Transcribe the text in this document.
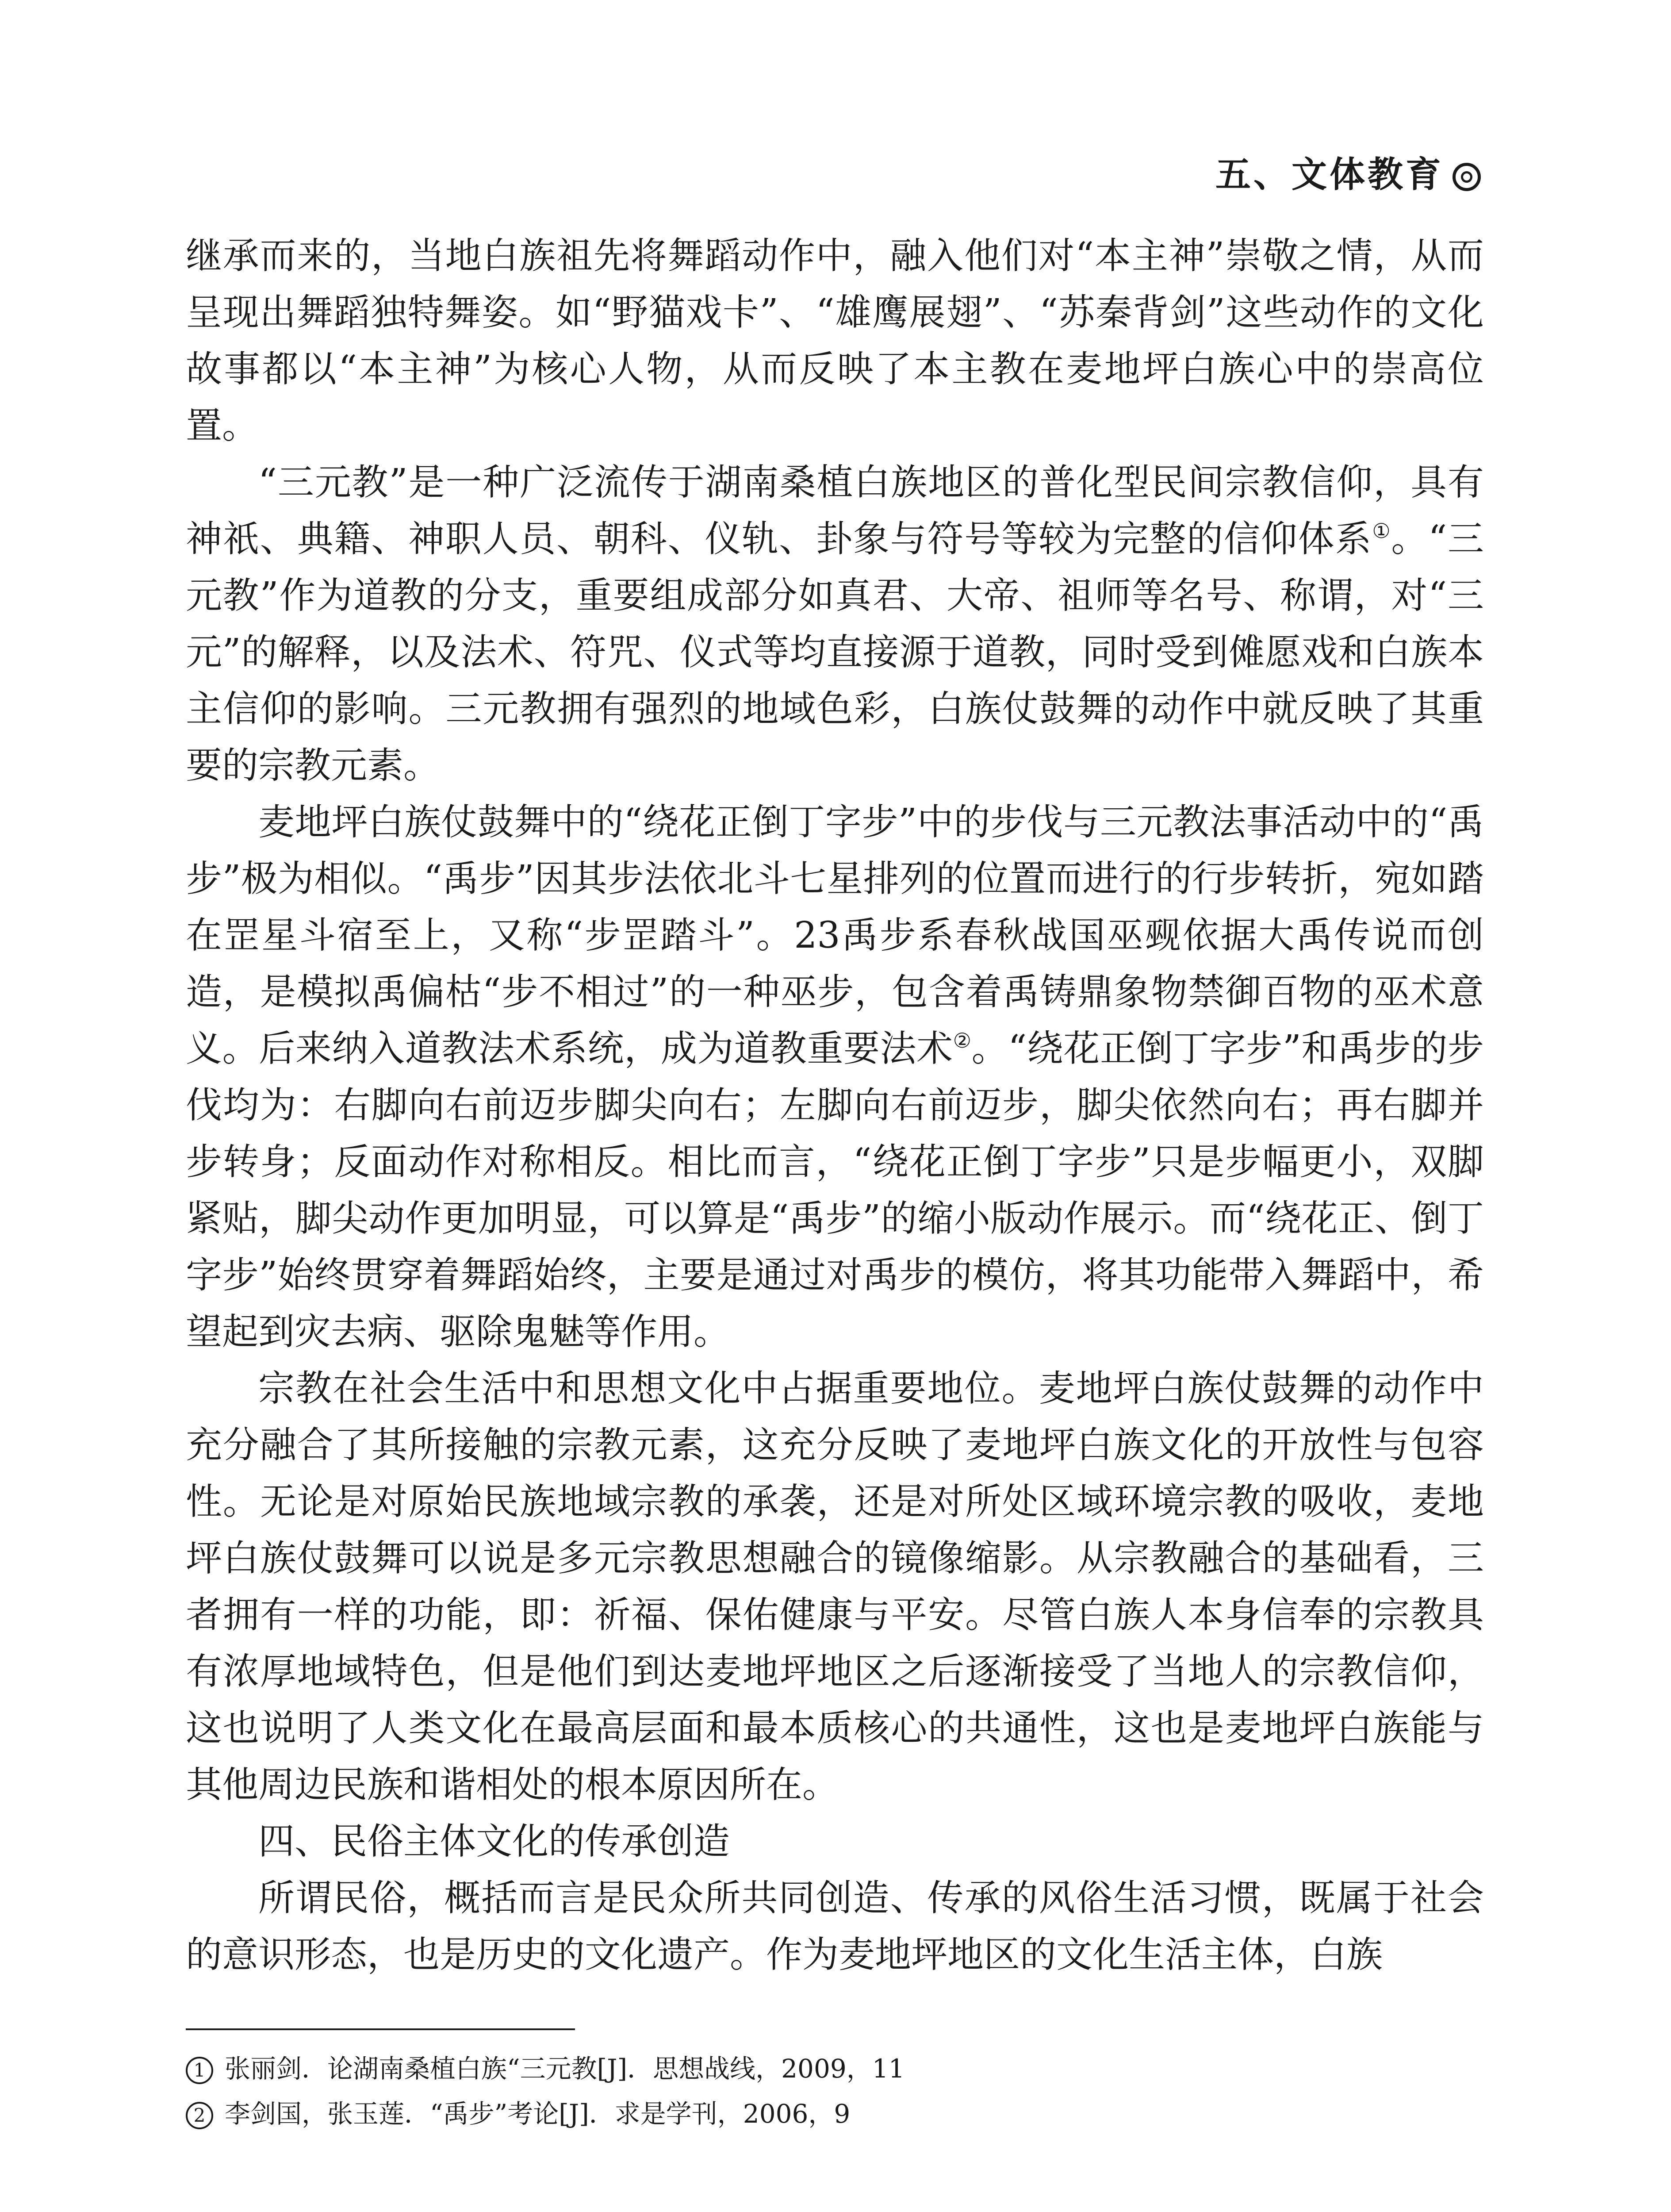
五、文体教育

继承而来的，当地白族祖先将舞蹈动作中，融入他们对“本主神”崇敬之情，从而呈现出舞蹈独特舞姿。如“野猫戏卡”、“雄鹰展翅”、“苏秦背剑”这些动作的文化故事都以“本主神”为核心人物，从而反映了本主教在麦地坪白族心中的崇高位置。

“三元教”是一种广泛流传于湖南桑植白族地区的普化型民间宗教信仰，具有神祇、典籍、神职人员、朝科、仪轨、卦象与符号等较为完整的信仰体系①。“三元教”作为道教的分支，重要组成部分如真君、大帝、祖师等名号、称谓，对“三元”的解释，以及法术、符咒、仪式等均直接源于道教，同时受到傩愿戏和白族本主信仰的影响。三元教拥有强烈的地域色彩，白族仗鼓舞的动作中就反映了其重要的宗教元素。

麦地坪白族仗鼓舞中的“绕花正倒丁字步”中的步伐与三元教法事活动中的“禹步”极为相似。“禹步”因其步法依北斗七星排列的位置而进行的行步转折，宛如踏在罡星斗宿至上，又称“步罡踏斗”。23禹步系春秋战国巫觋依据大禹传说而创造，是模拟禹偏枯“步不相过”的一种巫步，包含着禹铸鼎象物禁御百物的巫术意义。后来纳入道教法术系统，成为道教重要法术②。“绕花正倒丁字步”和禹步的步伐均为：右脚向右前迈步脚尖向右；左脚向右前迈步，脚尖依然向右；再右脚并步转身；反面动作对称相反。相比而言，“绕花正倒丁字步”只是步幅更小，双脚紧贴，脚尖动作更加明显，可以算是“禹步”的缩小版动作展示。而“绕花正、倒丁字步”始终贯穿着舞蹈始终，主要是通过对禹步的模仿，将其功能带入舞蹈中，希望起到灾去病、驱除鬼魅等作用。

宗教在社会生活中和思想文化中占据重要地位。麦地坪白族仗鼓舞的动作中充分融合了其所接触的宗教元素，这充分反映了麦地坪白族文化的开放性与包容性。无论是对原始民族地域宗教的承袭，还是对所处区域环境宗教的吸收，麦地坪白族仗鼓舞可以说是多元宗教思想融合的镜像缩影。从宗教融合的基础看，三者拥有一样的功能，即：祈福、保佑健康与平安。尽管白族人本身信奉的宗教具有浓厚地域特色，但是他们到达麦地坪地区之后逐渐接受了当地人的宗教信仰，这也说明了人类文化在最高层面和最本质核心的共通性，这也是麦地坪白族能与其他周边民族和谐相处的根本原因所在。

四、民俗主体文化的传承创造

所谓民俗，概括而言是民众所共同创造、传承的风俗生活习惯，既属于社会的意识形态，也是历史的文化遗产。作为麦地坪地区的文化生活主体，白族

1 张丽剑．论湖南桑植白族“三元教[J]．思想战线，2009，11
2 李剑国，张玉莲．“禹步”考论[J]．求是学刊，2006，9
